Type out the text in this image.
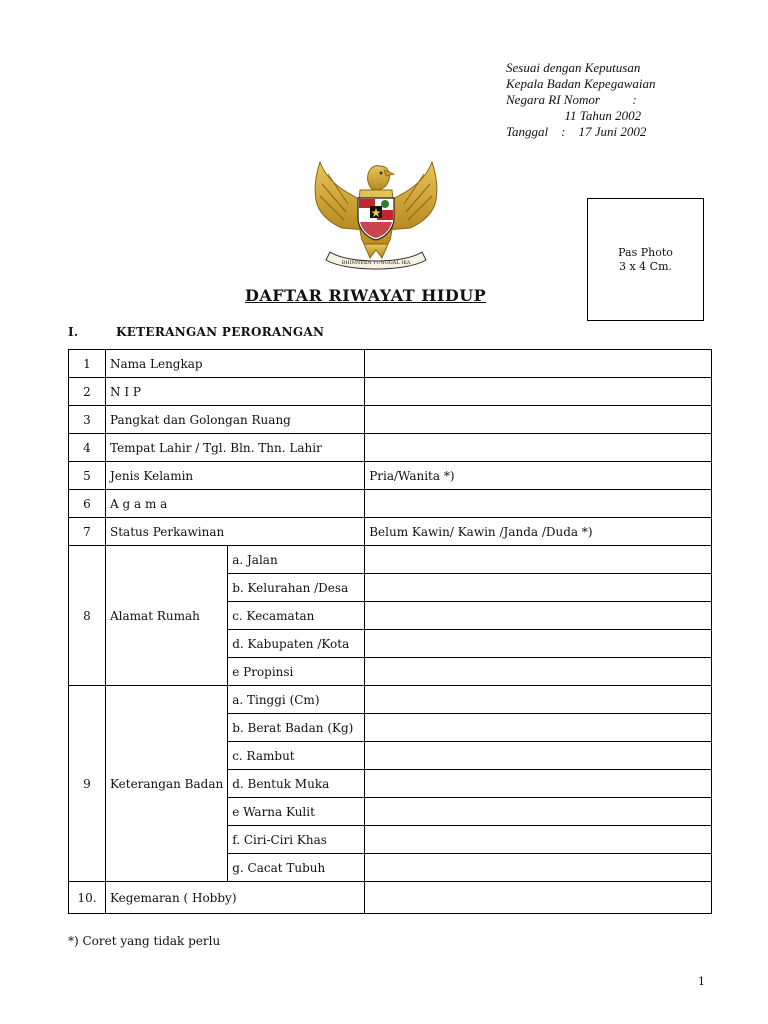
Sesuai dengan Keputusan
Kepala Badan Kepegawaian
Negara RI Nomor          :
11 Tahun 2002
Tanggal    :    17 Juni 2002
BHINNEKA TUNGGAL IKA
Pas Photo
3 x 4 Cm.
DAFTAR RIWAYAT HIDUP
I.	KETERANGAN PERORANGAN
1	Nama Lengkap		
2	N I P		
3	Pangkat dan Golongan Ruang		
4	Tempat Lahir / Tgl. Bln. Thn. Lahir		
5	Jenis Kelamin		Pria/Wanita *)
6	A g a m a		
7	Status Perkawinan		Belum Kawin/ Kawin /Janda /Duda *)
8	Alamat Rumah	a. Jalan	
		b. Kelurahan /Desa	
		c. Kecamatan	
		d. Kabupaten /Kota	
		e Propinsi	
9	Keterangan Badan	a. Tinggi (Cm)	
		b. Berat Badan (Kg)	
		c. Rambut	
		d. Bentuk Muka	
		e Warna Kulit	
		f. Ciri-Ciri Khas	
		g. Cacat Tubuh	
10.	Kegemaran ( Hobby)		
*) Coret yang tidak perlu
1
